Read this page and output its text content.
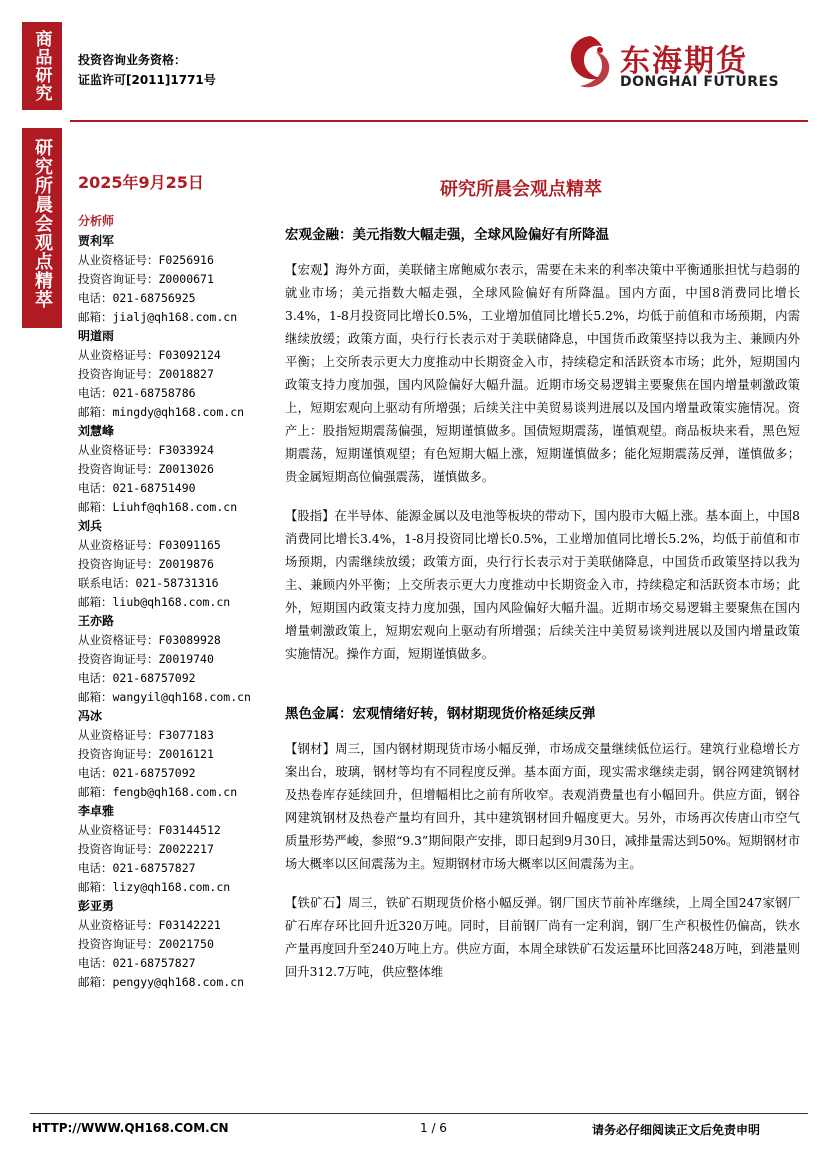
商品研究
研究所晨会观点精萃
投资咨询业务资格：
证监许可[2011]1771号
东海期货
DONGHAI FUTURES
2025年9月25日
分析师
贾利军
从业资格证号：F0256916
投资咨询证号：Z0000671
电话：021-68756925
邮箱：jialj@qh168.com.cn
明道雨
从业资格证号：F03092124
投资咨询证号：Z0018827
电话：021-68758786
邮箱：mingdy@qh168.com.cn
刘慧峰
从业资格证号：F3033924
投资咨询证号：Z0013026
电话：021-68751490
邮箱：Liuhf@qh168.com.cn
刘兵
从业资格证号：F03091165
投资咨询证号：Z0019876
联系电话：021-58731316
邮箱：liub@qh168.com.cn
王亦路
从业资格证号：F03089928
投资咨询证号：Z0019740
电话：021-68757092
邮箱：wangyil@qh168.com.cn
冯冰
从业资格证号：F3077183
投资咨询证号：Z0016121
电话：021-68757092
邮箱：fengb@qh168.com.cn
李卓雅
从业资格证号：F03144512
投资咨询证号：Z0022217
电话：021-68757827
邮箱：lizy@qh168.com.cn
彭亚勇
从业资格证号：F03142221
投资咨询证号：Z0021750
电话：021-68757827
邮箱：pengyy@qh168.com.cn
研究所晨会观点精萃
宏观金融：美元指数大幅走强，全球风险偏好有所降温
【宏观】海外方面，美联储主席鲍威尔表示，需要在未来的利率决策中平衡通胀担忧与趋弱的就业市场；美元指数大幅走强，全球风险偏好有所降温。国内方面，中国8消费同比增长3.4%，1-8月投资同比增长0.5%，工业增加值同比增长5.2%，均低于前值和市场预期，内需继续放缓；政策方面，央行行长表示对于美联储降息，中国货币政策坚持以我为主、兼顾内外平衡；上交所表示更大力度推动中长期资金入市，持续稳定和活跃资本市场；此外，短期国内政策支持力度加强，国内风险偏好大幅升温。近期市场交易逻辑主要聚焦在国内增量刺激政策上，短期宏观向上驱动有所增强；后续关注中美贸易谈判进展以及国内增量政策实施情况。资产上：股指短期震荡偏强，短期谨慎做多。国债短期震荡，谨慎观望。商品板块来看，黑色短期震荡，短期谨慎观望；有色短期大幅上涨，短期谨慎做多；能化短期震荡反弹，谨慎做多；贵金属短期高位偏强震荡，谨慎做多。
【股指】在半导体、能源金属以及电池等板块的带动下，国内股市大幅上涨。基本面上，中国8消费同比增长3.4%，1-8月投资同比增长0.5%，工业增加值同比增长5.2%，均低于前值和市场预期，内需继续放缓；政策方面，央行行长表示对于美联储降息，中国货币政策坚持以我为主、兼顾内外平衡；上交所表示更大力度推动中长期资金入市，持续稳定和活跃资本市场；此外，短期国内政策支持力度加强，国内风险偏好大幅升温。近期市场交易逻辑主要聚焦在国内增量刺激政策上，短期宏观向上驱动有所增强；后续关注中美贸易谈判进展以及国内增量政策实施情况。操作方面，短期谨慎做多。
黑色金属：宏观情绪好转，钢材期现货价格延续反弹
【钢材】周三，国内钢材期现货市场小幅反弹，市场成交量继续低位运行。建筑行业稳增长方案出台，玻璃，钢材等均有不同程度反弹。基本面方面，现实需求继续走弱，钢谷网建筑钢材及热卷库存延续回升，但增幅相比之前有所收窄。表观消费量也有小幅回升。供应方面，钢谷网建筑钢材及热卷产量均有回升，其中建筑钢材回升幅度更大。另外，市场再次传唐山市空气质量形势严峻，参照“9.3”期间限产安排，即日起到9月30日，减排量需达到50%。短期钢材市场大概率以区间震荡为主。短期钢材市场大概率以区间震荡为主。
【铁矿石】周三，铁矿石期现货价格小幅反弹。钢厂国庆节前补库继续，上周全国247家钢厂矿石库存环比回升近320万吨。同时，目前钢厂尚有一定利润，钢厂生产积极性仍偏高，铁水产量再度回升至240万吨上方。供应方面，本周全球铁矿石发运量环比回落248万吨，到港量则回升312.7万吨，供应整体维
HTTP://WWW.QH168.COM.CN	1 / 6	请务必仔细阅读正文后免责申明
